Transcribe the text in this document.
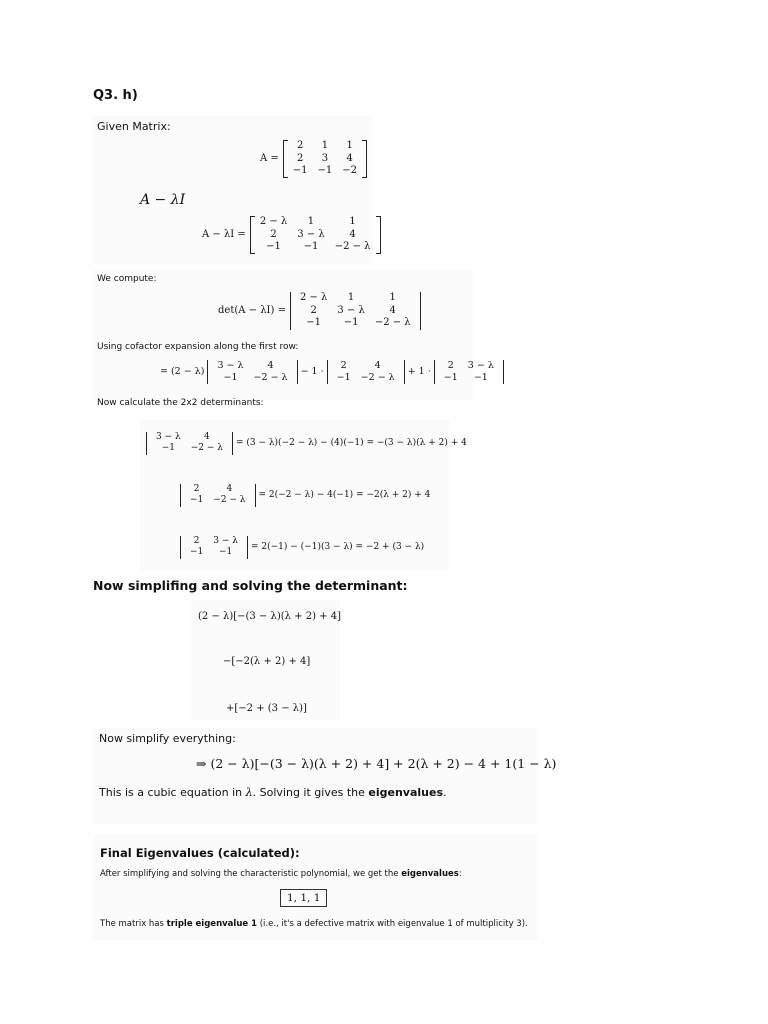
Q3. h)
Given Matrix:
A =
2	1	1
2	3	4
−1	−1	−2
A − λI
A − λI =
2 − λ	1	1
2	3 − λ	4
−1	−1	−2 − λ
We compute:
det(A − λI) =
2 − λ	1	1
2	3 − λ	4
−1	−1	−2 − λ
Using cofactor expansion along the first row:
= (2 − λ)
3 − λ	4
−1	−2 − λ	− 1 ·
2	4
−1	−2 − λ	+ 1 ·
2	3 − λ
−1	−1
Now calculate the 2x2 determinants:
3 − λ	4
−1	−2 − λ	= (3 − λ)(−2 − λ) − (4)(−1) = −(3 − λ)(λ + 2) + 4
2	4
−1	−2 − λ	= 2(−2 − λ) − 4(−1) = −2(λ + 2) + 4
2	3 − λ
−1	−1	= 2(−1) − (−1)(3 − λ) = −2 + (3 − λ)
Now simplifing and solving the determinant:
(2 − λ)[−(3 − λ)(λ + 2) + 4]
−[−2(λ + 2) + 4]
+[−2 + (3 − λ)]
Now simplify everything:
⇒ (2 − λ)[−(3 − λ)(λ + 2) + 4] + 2(λ + 2) − 4 + 1(1 − λ)
This is a cubic equation in λ. Solving it gives the eigenvalues.
Final Eigenvalues (calculated):
After simplifying and solving the characteristic polynomial, we get the eigenvalues:
1, 1, 1
The matrix has triple eigenvalue 1 (i.e., it's a defective matrix with eigenvalue 1 of multiplicity 3).
